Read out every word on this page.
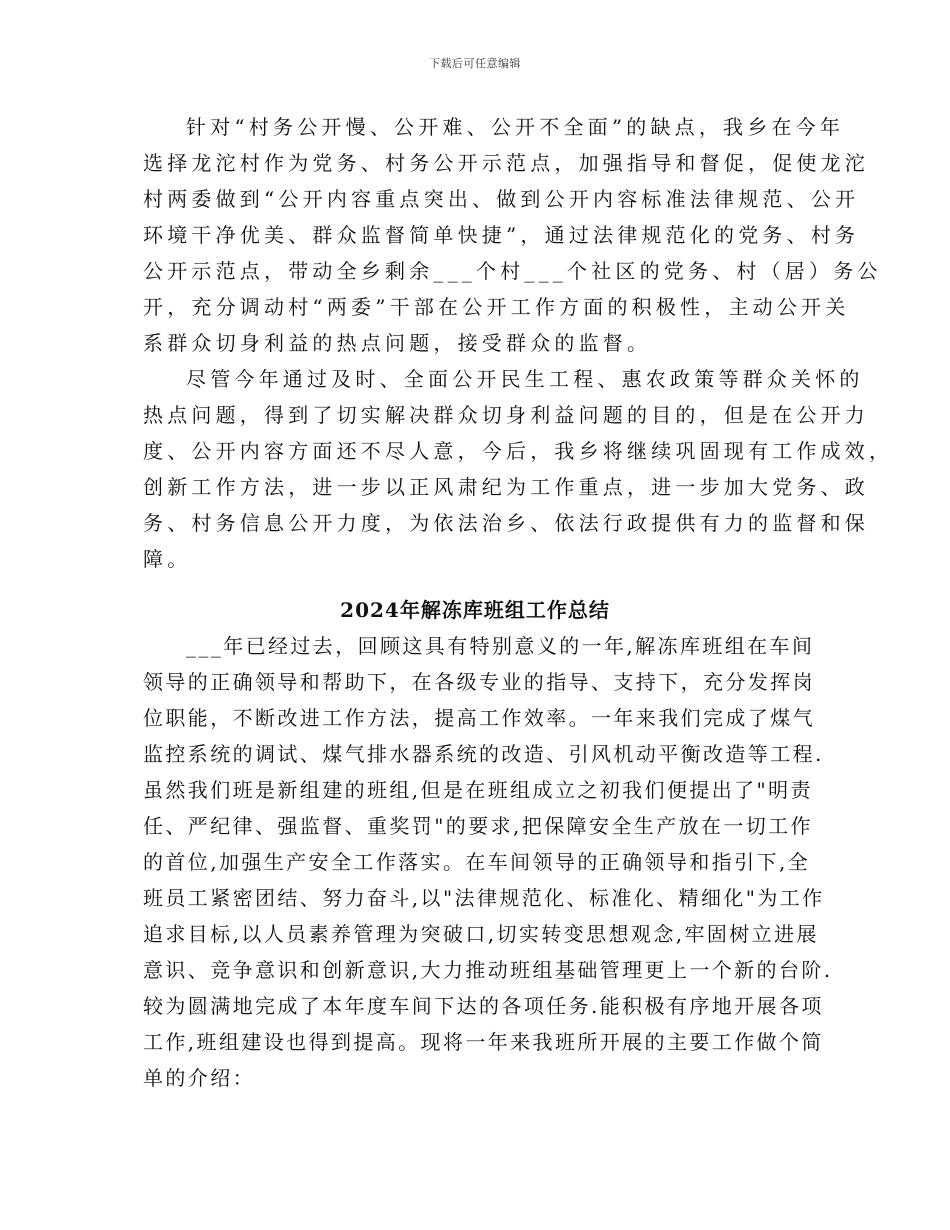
下载后可任意编辑
针对“村务公开慢、公开难、公开不全面”的缺点，我乡在今年
选择龙沱村作为党务、村务公开示范点，加强指导和督促，促使龙沱
村两委做到“公开内容重点突出、做到公开内容标准法律规范、公开
环境干净优美、群众监督简单快捷”，通过法律规范化的党务、村务
公开示范点，带动全乡剩余___个村___个社区的党务、村（居）务公
开，充分调动村“两委”干部在公开工作方面的积极性，主动公开关
系群众切身利益的热点问题，接受群众的监督。
尽管今年通过及时、全面公开民生工程、惠农政策等群众关怀的
热点问题，得到了切实解决群众切身利益问题的目的，但是在公开力
度、公开内容方面还不尽人意，今后，我乡将继续巩固现有工作成效，
创新工作方法，进一步以正风肃纪为工作重点，进一步加大党务、政
务、村务信息公开力度，为依法治乡、依法行政提供有力的监督和保
障。
2024年解冻库班组工作总结
___年已经过去，回顾这具有特别意义的一年,解冻库班组在车间
领导的正确领导和帮助下，在各级专业的指导、支持下，充分发挥岗
位职能，不断改进工作方法，提高工作效率。一年来我们完成了煤气
监控系统的调试、煤气排水器系统的改造、引风机动平衡改造等工程.
虽然我们班是新组建的班组,但是在班组成立之初我们便提出了"明责
任、严纪律、强监督、重奖罚"的要求,把保障安全生产放在一切工作
的首位,加强生产安全工作落实。在车间领导的正确领导和指引下,全
班员工紧密团结、努力奋斗,以"法律规范化、标准化、精细化"为工作
追求目标,以人员素养管理为突破口,切实转变思想观念,牢固树立进展
意识、竞争意识和创新意识,大力推动班组基础管理更上一个新的台阶.
较为圆满地完成了本年度车间下达的各项任务.能积极有序地开展各项
工作,班组建设也得到提高。现将一年来我班所开展的主要工作做个简
单的介绍：
